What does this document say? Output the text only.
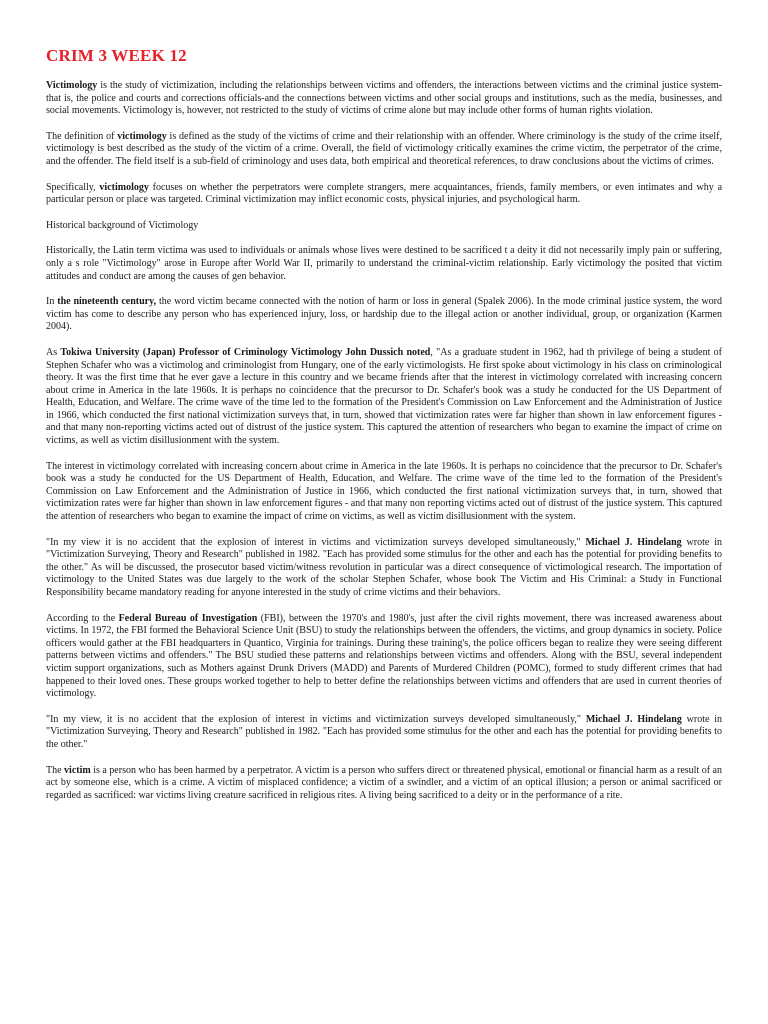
CRIM 3 WEEK 12

Victimology is the study of victimization, including the relationships between victims and offenders, the interactions between victims and the criminal justice system-that is, the police and courts and corrections officials-and the connections between victims and other social groups and institutions, such as the media, businesses, and social movements. Victimology is, however, not restricted to the study of victims of crime alone but may include other forms of human rights violation.

The definition of victimology is defined as the study of the victims of crime and their relationship with an offender. Where criminology is the study of the crime itself, victimology is best described as the study of the victim of a crime. Overall, the field of victimology critically examines the crime victim, the perpetrator of the crime, and the offender. The field itself is a sub-field of criminology and uses data, both empirical and theoretical references, to draw conclusions about the victims of crimes.

Specifically, victimology focuses on whether the perpetrators were complete strangers, mere acquaintances, friends, family members, or even intimates and why a particular person or place was targeted. Criminal victimization may inflict economic costs, physical injuries, and psychological harm.

Historical background of Victimology

Historically, the Latin term victima was used to individuals or animals whose lives were destined to be sacrificed t a deity it did not necessarily imply pain or suffering, only a s role "Victimology" arose in Europe after World War II, primarily to understand the criminal-victim relationship. Early victimology the posited that victim attitudes and conduct are among the causes of gen behavior.

In the nineteenth century, the word victim became connected with the notion of harm or loss in general (Spalek 2006). In the mode criminal justice system, the word victim has come to describe any person who has experienced injury, loss, or hardship due to the illegal action or another individual, group, or organization (Karmen 2004).

As Tokiwa University (Japan) Professor of Criminology Victimology John Dussich noted, "As a graduate student in 1962, had th privilege of being a student of Stephen Schafer who was a victimolog and criminologist from Hungary, one of the early victimologists. He first spoke about victimology in his class on criminological theory. It was the first time that he ever gave a lecture in this country and we became friends after that the interest in victimology correlated with increasing concern about crime in America in the late 1960s. It is perhaps no coincidence that the precursor to Dr. Schafer's book was a study he conducted for the US Department of Health, Education, and Welfare. The crime wave of the time led to the formation of the President's Commission on Law Enforcement and the Administration of Justice in 1966, which conducted the first national victimization surveys that, in turn, showed that victimization rates were far higher than shown in law enforcement figures - and that many non-reporting victims acted out of distrust of the justice system. This captured the attention of researchers who began to examine the impact of crime on victims, as well as victim disillusionment with the system.

The interest in victimology correlated with increasing concern about crime in America in the late 1960s. It is perhaps no coincidence that the precursor to Dr. Schafer's book was a study he conducted for the US Department of Health, Education, and Welfare. The crime wave of the time led to the formation of the President's Commission on Law Enforcement and the Administration of Justice in 1966, which conducted the first national victimization surveys that, in turn, showed that victimization rates were far higher than shown in law enforcement figures - and that many non reporting victims acted out of distrust of the justice system. This captured the attention of researchers who began to examine the impact of crime on victims, as well as victim disillusionment with the system.

"In my view it is no accident that the explosion of interest in victims and victimization surveys developed simultaneously," Michael J. Hindelang wrote in "Victimization Surveying, Theory and Research" published in 1982. "Each has provided some stimulus for the other and each has the potential for providing benefits to the other." As will be discussed, the prosecutor based victim/witness revolution in particular was a direct consequence of victimological research. The importation of victimology to the United States was due largely to the work of the scholar Stephen Schafer, whose book The Victim and His Criminal: a Study in Functional Responsibility became mandatory reading for anyone interested in the study of crime victims and their behaviors.

According to the Federal Bureau of Investigation (FBI), between the 1970's and 1980's, just after the civil rights movement, there was increased awareness about victims. In 1972, the FBI formed the Behavioral Science Unit (BSU) to study the relationships between the offenders, the victims, and group dynamics in society. Police officers would gather at the FBI headquarters in Quantico, Virginia for trainings. During these training's, the police officers began to realize they were seeing different patterns between victims and offenders." The BSU studied these patterns and relationships between victims and offenders. Along with the BSU, several independent victim support organizations, such as Mothers against Drunk Drivers (MADD) and Parents of Murdered Children (POMC), formed to study different crimes that had happened to their loved ones. These groups worked together to help to better define the relationships between victims and offenders that are used in current theories of victimology.

"In my view, it is no accident that the explosion of interest in victims and victimization surveys developed simultaneously," Michael J. Hindelang wrote in "Victimization Surveying, Theory and Research" published in 1982. "Each has provided some stimulus for the other and each has the potential for providing benefits to the other."

The victim is a person who has been harmed by a perpetrator. A victim is a person who suffers direct or threatened physical, emotional or financial harm as a result of an act by someone else, which is a crime. A victim of misplaced confidence; a victim of a swindler, and a victim of an optical illusion; a person or animal sacrificed or regarded as sacrificed: war victims living creature sacrificed in religious rites. A living being sacrificed to a deity or in the performance of a rite.
